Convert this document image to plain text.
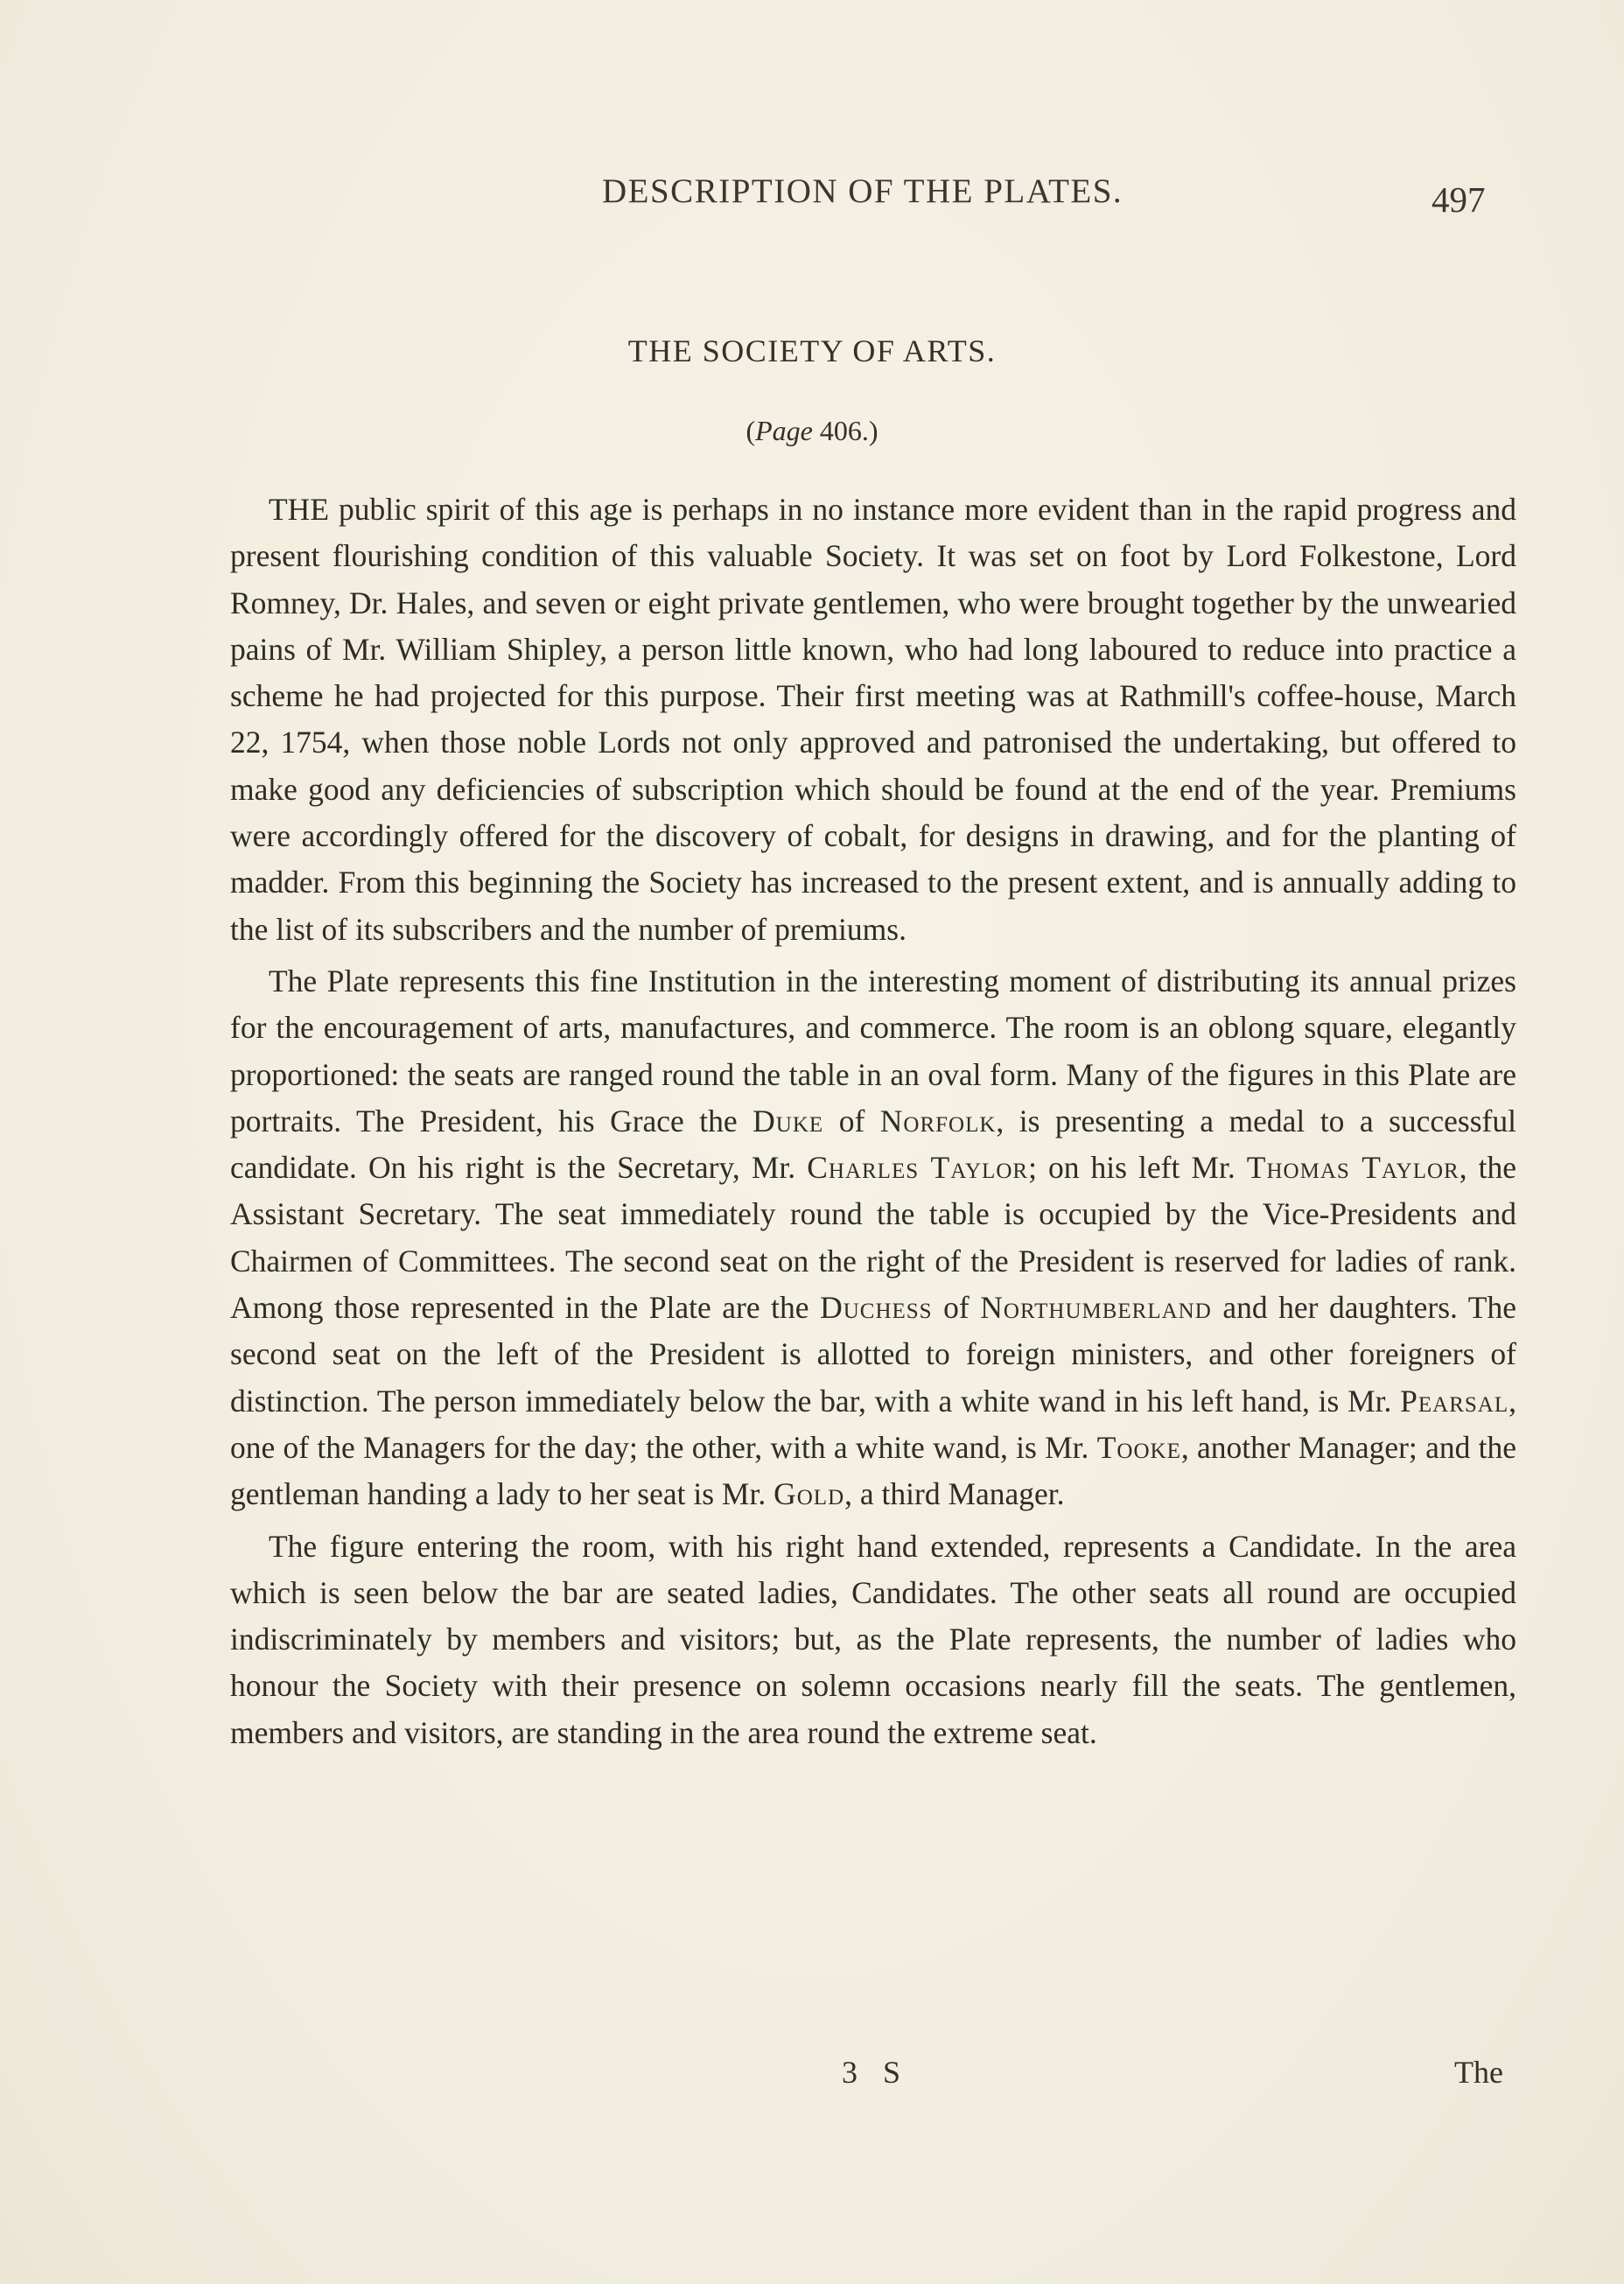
DESCRIPTION OF THE PLATES.	497
THE SOCIETY OF ARTS.
(Page 406.)

THE public spirit of this age is perhaps in no instance more evident than in the rapid progress and present flourishing condition of this valuable Society. It was set on foot by Lord Folkestone, Lord Romney, Dr. Hales, and seven or eight private gentlemen, who were brought together by the unwearied pains of Mr. William Shipley, a person little known, who had long laboured to reduce into practice a scheme he had projected for this purpose. Their first meeting was at Rathmill's coffee-house, March 22, 1754, when those noble Lords not only approved and patronised the undertaking, but offered to make good any deficiencies of subscription which should be found at the end of the year. Premiums were accordingly offered for the discovery of cobalt, for designs in drawing, and for the planting of madder. From this beginning the Society has increased to the present extent, and is annually adding to the list of its subscribers and the number of premiums.

The Plate represents this fine Institution in the interesting moment of distributing its annual prizes for the encouragement of arts, manufactures, and commerce. The room is an oblong square, elegantly proportioned: the seats are ranged round the table in an oval form. Many of the figures in this Plate are portraits. The President, his Grace the Duke of Norfolk, is presenting a medal to a successful candidate. On his right is the Secretary, Mr. Charles Taylor; on his left Mr. Thomas Taylor, the Assistant Secretary. The seat immediately round the table is occupied by the Vice-Presidents and Chairmen of Committees. The second seat on the right of the President is reserved for ladies of rank. Among those represented in the Plate are the Duchess of Northumberland and her daughters. The second seat on the left of the President is allotted to foreign ministers, and other foreigners of distinction. The person immediately below the bar, with a white wand in his left hand, is Mr. Pearsal, one of the Managers for the day; the other, with a white wand, is Mr. Tooke, another Manager; and the gentleman handing a lady to her seat is Mr. Gold, a third Manager.

The figure entering the room, with his right hand extended, represents a Candidate. In the area which is seen below the bar are seated ladies, Candidates. The other seats all round are occupied indiscriminately by members and visitors; but, as the Plate represents, the number of ladies who honour the Society with their presence on solemn occasions nearly fill the seats. The gentlemen, members and visitors, are standing in the area round the extreme seat.

3 S	The
